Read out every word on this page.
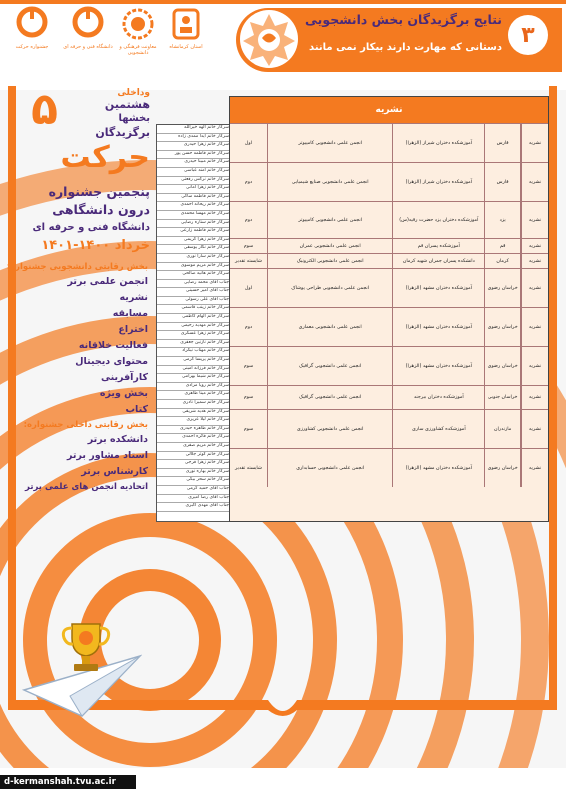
٣
نتایج برگزیدگان بخش دانشجویی
دستانی که مهارت دارند بیکار نمی مانند
جشنواره حرکت	دانشگاه فنی و حرفه ای	معاونت فرهنگی و دانشجویی
استان کرمانشاه
وداخلی
هشتمین
بخشها
برگزیدگان
۵
حرکت
پنجمین جشنواره
درون دانشگاهی
دانشگاه فنی و حرفه ای
خرداد ۱۴۰۰-۱۴۰۱
بخش رقابتی دانشجویی جشنواره:
انجمن علمی برتر
نشریه
مسابقه
اختراع
فعالیت خلاقانه
محتوای دیجیتال
کارآفرینی
بخش ویژه
کتاب
بخش رقابتی داخلی جشنواره:
دانشکده برتر
استاد مشاور برتر
کارشناس برتر
اتحادیه انجمن های علمی برتر
سرکار خانم الهه خیرالله
سرکار خانم آیدا ممدی زاده
سرکار خانم زهرا حیدری
سرکار خانم فاطمه حسن پور
سرکار خانم مبینا حیدری
سرکار خانم آمنه عباسی
سرکار خانم نرگس رفعتی
سرکار خانم زهرا امانی
سرکار خانم فاطمه ساکی
سرکار خانم ریحانه احمدی
سرکار خانم مهسا محمدی
سرکار خانم ستاره رضایی
سرکار خانم فاطمه زارعی
سرکار خانم زهرا کریمی
سرکار خانم نگار یوسفی
سرکار خانم سارا نوری
سرکار خانم مریم موسوی
سرکار خانم هانیه صالحی
جناب آقای محمد رضایی
جناب آقای امیر حسینی
جناب آقای علی رسولی
سرکار خانم زینب قاسمی
سرکار خانم الهام کاظمی
سرکار خانم مهدیه رحیمی
سرکار خانم زهرا عسگری
سرکار خانم نازنین جعفری
سرکار خانم مهتاب نیکزاد
سرکار خانم پریسا کرمی
سرکار خانم فرزانه امینی
سرکار خانم شیما بهرامی
سرکار خانم رویا مرادی
سرکار خانم مینا طاهری
سرکار خانم سمیرا نادری
سرکار خانم هدیه شریفی
سرکار خانم لیلا عزیزی
سرکار خانم طاهره حیدری
سرکار خانم فائزه احمدی
سرکار خانم مریم صفری
سرکار خانم کوثر جلالی
سرکار خانم زهرا فرجی
سرکار خانم بهاره نوری
سرکار خانم سحر بیگی
جناب آقای حمید کرمی
جناب آقای رضا امیری
جناب آقای مهدی اکبری
نشریه
اول	انجمن علمی دانشجویی کامپیوتر	آموزشکده دختران شیراز (الزهرا)	فارس	نشریه
دوم	انجمن علمی دانشجویی صنایع شیمیایی	آموزشکده دختران شیراز (الزهرا)	فارس	نشریه
دوم	انجمن علمی دانشجویی کامپیوتر	آموزشکده دختران یزد حضرت رقیه(س)	یزد	نشریه
سوم	انجمن علمی دانشجویی عمران	آموزشکده پسران قم	قم	نشریه
شایسته تقدیر	انجمن علمی دانشجویی الکترونیک	دانشکده پسران جمران شهید کرمان	کرمان	نشریه
اول	انجمن علمی دانشجویی طراحی پوشاک	آموزشکده دختران مشهد (الزهرا)	خراسان رضوی	نشریه
دوم	انجمن علمی دانشجویی معماری	آموزشکده دختران مشهد (الزهرا)	خراسان رضوی	نشریه
سوم	انجمن علمی دانشجویی گرافیک	آموزشکده دختران مشهد (الزهرا)	خراسان رضوی	نشریه
سوم	انجمن علمی دانشجویی گرافیک	آموزشکده دختران بیرجند	خراسان جنوبی	نشریه
سوم	انجمن علمی دانشجویی کشاورزی	آموزشکده کشاورزی ساری	مازندران	نشریه
شایسته تقدیر	انجمن علمی دانشجویی حسابداری	آموزشکده دختران مشهد (الزهرا)	خراسان رضوی	نشریه
d-kermanshah.tvu.ac.ir
